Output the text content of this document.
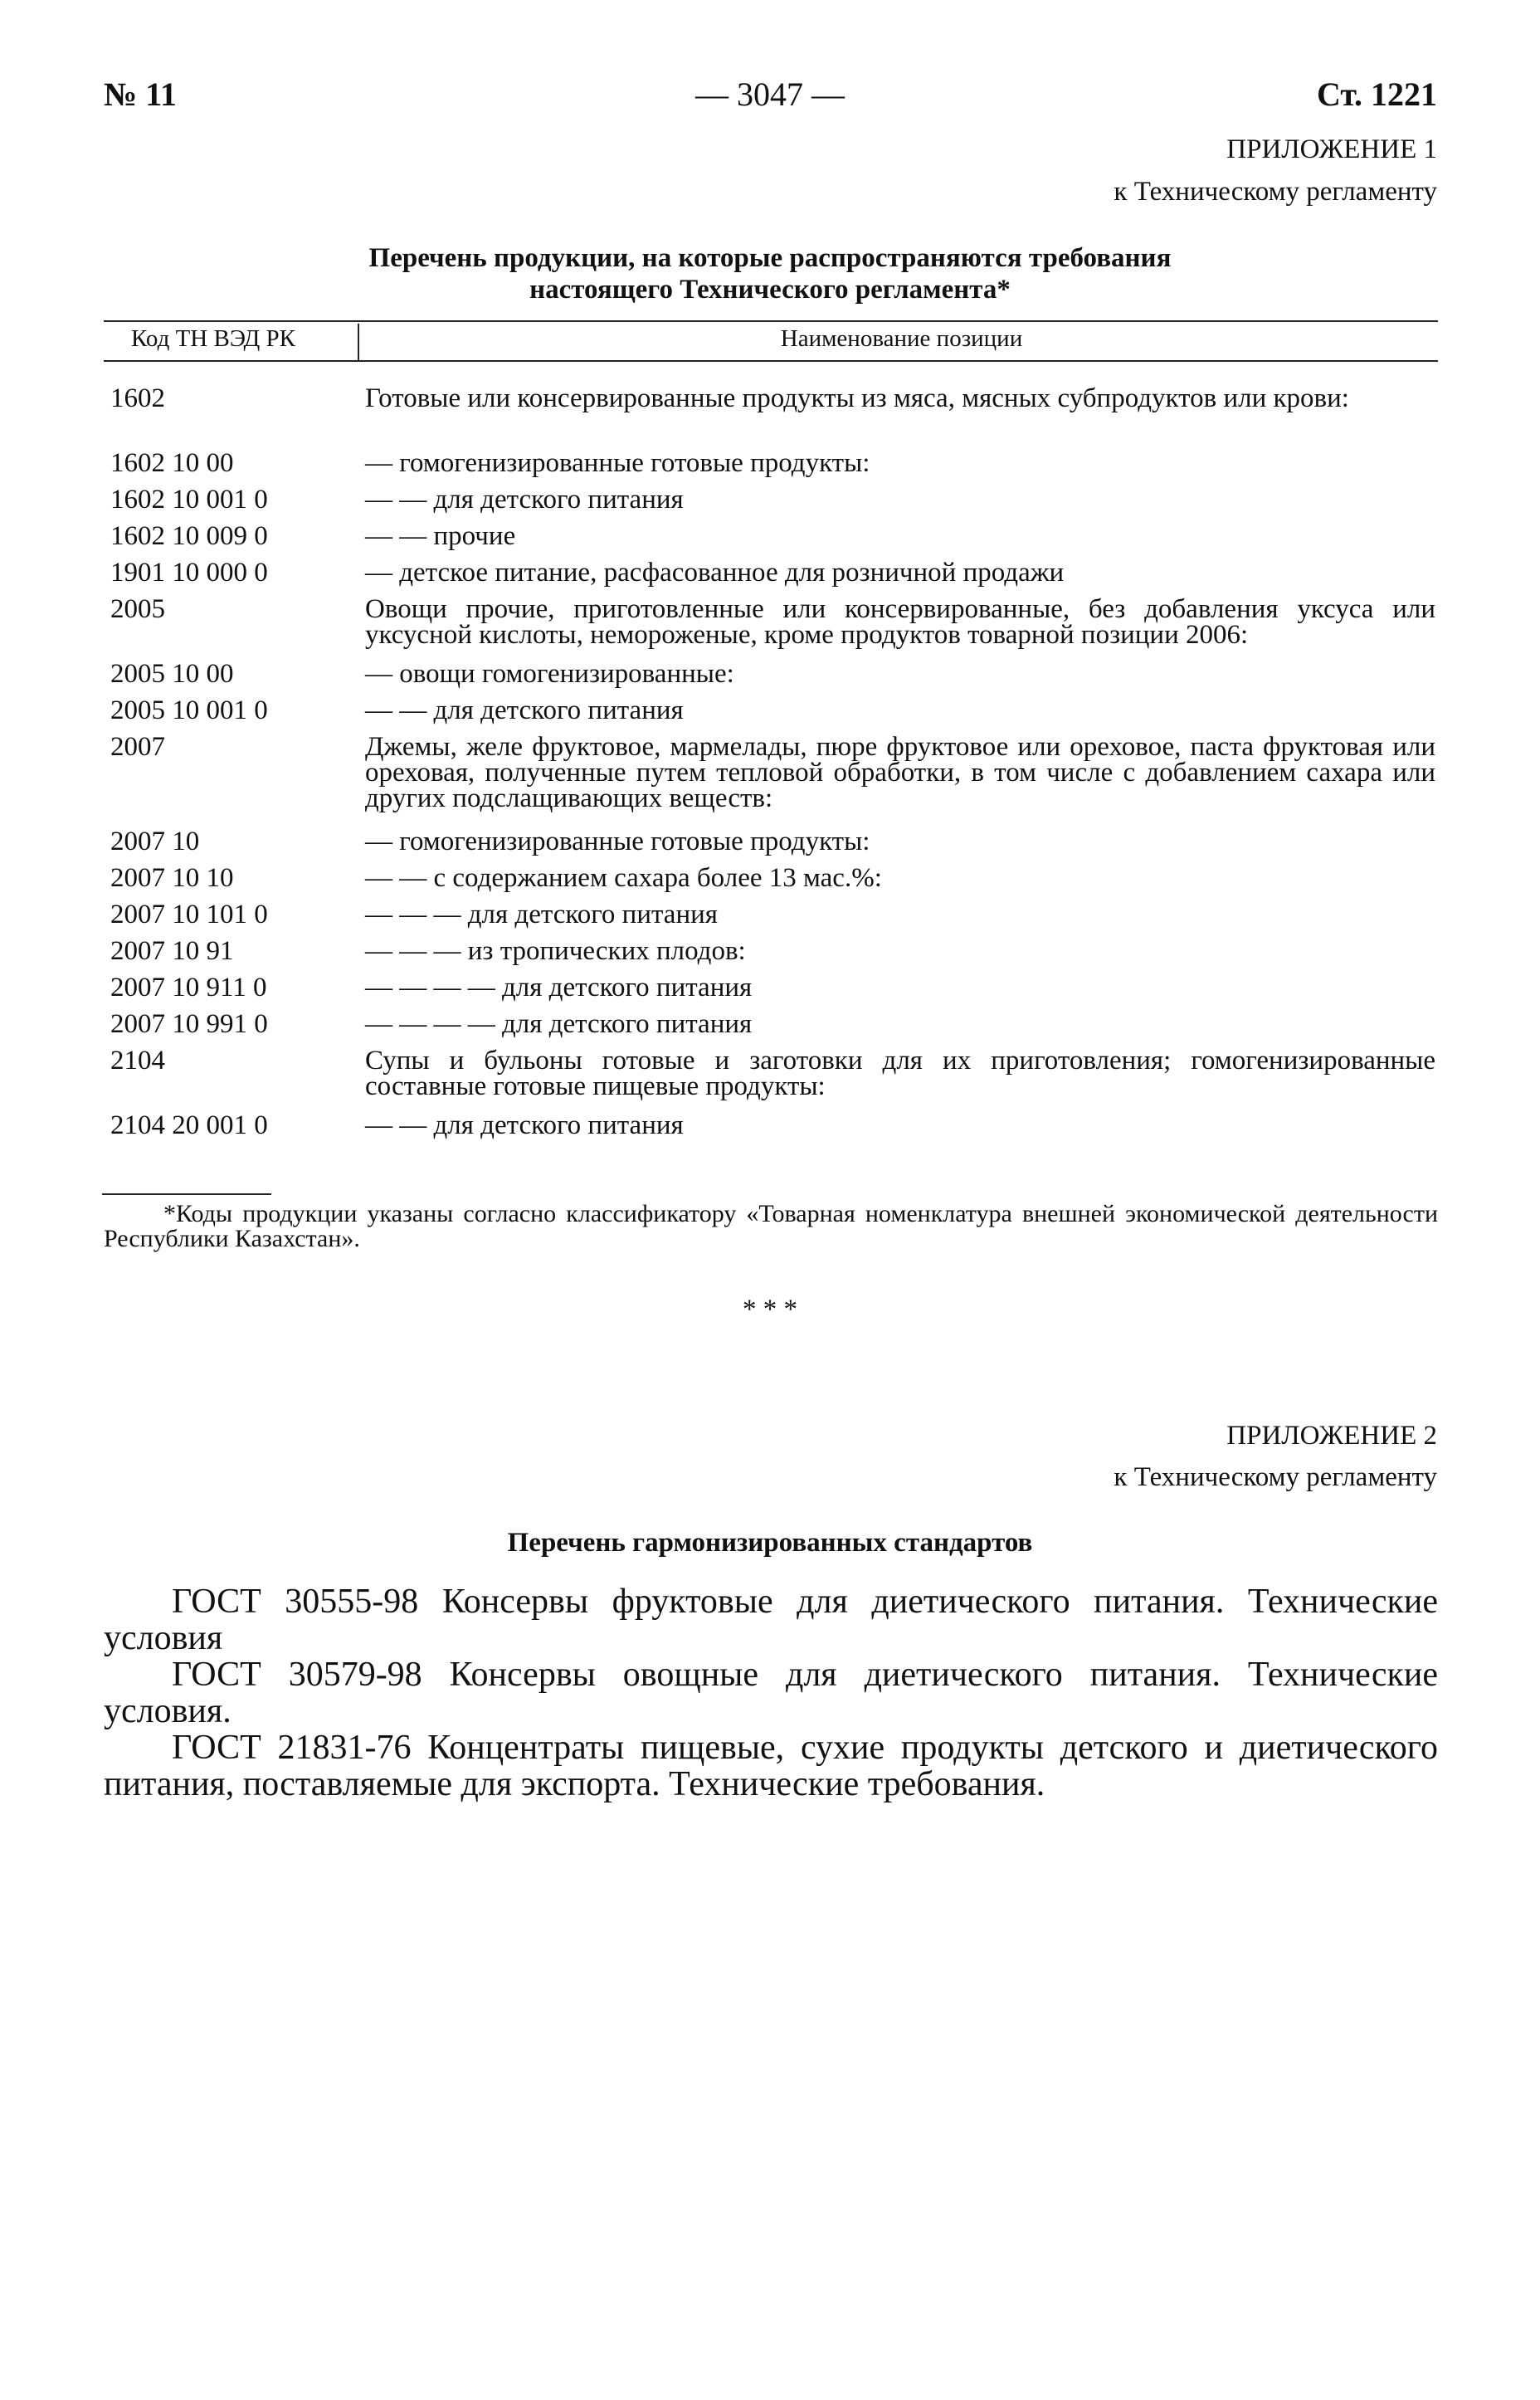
№ 11	— 3047 —	Ст. 1221
ПРИЛОЖЕНИЕ 1
к Техническому регламенту
Перечень продукции, на которые распространяются требования
настоящего Технического регламента*
Код ТН ВЭД РК	Наименование позиции
1602	Готовые или консервированные продукты из мяса, мясных субпродуктов или крови:
1602 10 00	— гомогенизированные готовые продукты:
1602 10 001 0	— — для детского питания
1602 10 009 0	— — прочие
1901 10 000 0	— детское питание, расфасованное для розничной продажи
2005	Овощи прочие, приготовленные или консервированные, без добавления уксуса или уксусной кислоты, немороженые, кроме продуктов товарной позиции 2006:
2005 10 00	— овощи гомогенизированные:
2005 10 001 0	— — для детского питания
2007	Джемы, желе фруктовое, мармелады, пюре фруктовое или ореховое, паста фруктовая или ореховая, полученные путем тепловой обработки, в том числе с добавлением сахара или других подслащивающих веществ:
2007 10	— гомогенизированные готовые продукты:
2007 10 10	— — с содержанием сахара более 13 мас.%:
2007 10 101 0	— — — для детского питания
2007 10 91	— — — из тропических плодов:
2007 10 911 0	— — — — для детского питания
2007 10 991 0	— — — — для детского питания
2104	Супы и бульоны готовые и заготовки для их приготовления; гомогенизированные составные готовые пищевые продукты:
2104 20 001 0	— — для детского питания
*Коды продукции указаны согласно классификатору «Товарная номенклатура внешней экономической деятельности Республики Казахстан».
* * *
ПРИЛОЖЕНИЕ 2
к Техническому регламенту
Перечень гармонизированных стандартов
ГОСТ 30555-98 Консервы фруктовые для диетического питания. Технические условия
ГОСТ 30579-98 Консервы овощные для диетического питания. Технические условия.
ГОСТ 21831-76 Концентраты пищевые, сухие продукты детского и диетического питания, поставляемые для экспорта. Технические требования.
